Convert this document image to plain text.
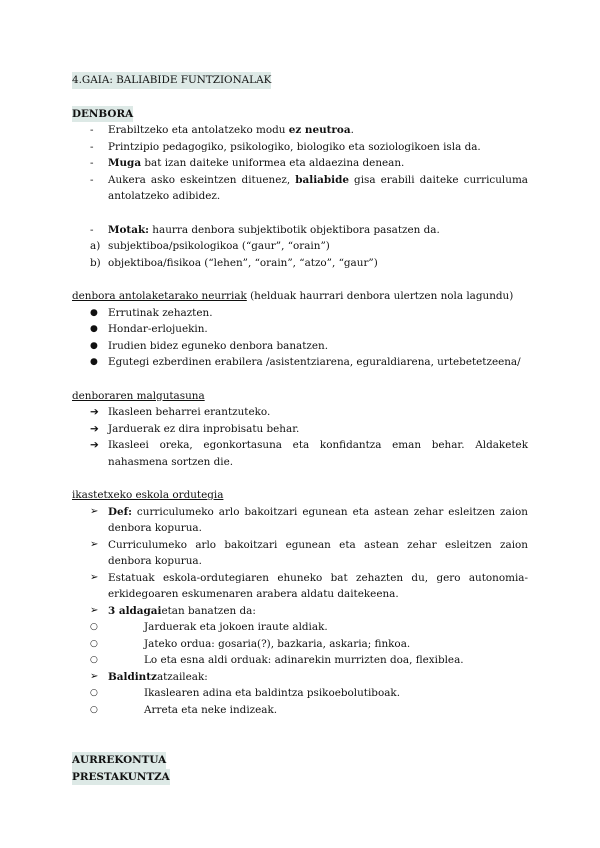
4.GAIA: BALIABIDE FUNTZIONALAK
DENBORA
- Erabiltzeko eta antolatzeko modu ez neutroa.
- Printzipio pedagogiko, psikologiko, biologiko eta soziologikoen isla da.
- Muga bat izan daiteke uniformea eta aldaezina denean.
- Aukera asko eskeintzen dituenez, baliabide gisa erabili daiteke curriculuma antolatzeko adibidez.
- Motak: haurra denbora subjektibotik objektibora pasatzen da.
a) subjektiboa/psikologikoa (“gaur”, “orain”)
b) objektiboa/fisikoa (“lehen”, “orain”, “atzo”, “gaur”)
denbora antolaketarako neurriak (helduak haurrari denbora ulertzen nola lagundu)
● Errutinak zehazten.
● Hondar-erlojuekin.
● Irudien bidez eguneko denbora banatzen.
● Egutegi ezberdinen erabilera /asistentziarena, eguraldiarena, urtebetetzeena/
denboraren malgutasuna
➔ Ikasleen beharrei erantzuteko.
➔ Jarduerak ez dira inprobisatu behar.
➔ Ikasleei oreka, egonkortasuna eta konfidantza eman behar. Aldaketek nahasmena sortzen die.
ikastetxeko eskola ordutegia
➢ Def: curriculumeko arlo bakoitzari egunean eta astean zehar esleitzen zaion denbora kopurua.
➢ Curriculumeko arlo bakoitzari egunean eta astean zehar esleitzen zaion denbora kopurua.
➢ Estatuak eskola-ordutegiaren ehuneko bat zehazten du, gero autonomia-erkidegoaren eskumenaren arabera aldatu daitekeena.
➢ 3 aldagaietan banatzen da:
○	Jarduerak eta jokoen iraute aldiak.
○	Jateko ordua: gosaria(?), bazkaria, askaria; finkoa.
○	Lo eta esna aldi orduak: adinarekin murrizten doa, flexiblea.
➢ Baldintzatzaileak:
○	Ikaslearen adina eta baldintza psikoebolutiboak.
○	Arreta eta neke indizeak.
AURREKONTUA
PRESTAKUNTZA
